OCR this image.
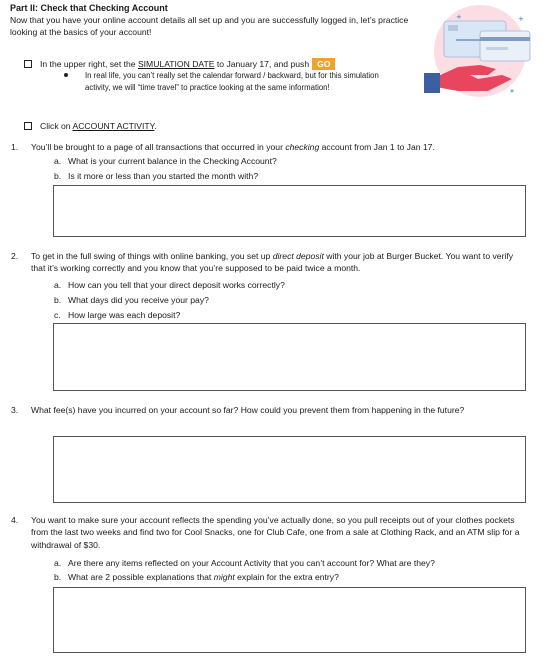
Part II: Check that Checking Account
Now that you have your online account details all set up and you are successfully logged in, let’s practice looking at the basics of your account!
+	+
*
In the upper right, set the SIMULATION DATE to January 17, and push GO
In real life, you can’t really set the calendar forward / backward, but for this simulation activity, we will “time travel” to practice looking at the same information!
Click on ACCOUNT ACTIVITY.
1. You’ll be brought to a page of all transactions that occurred in your checking account from Jan 1 to Jan 17.
a. What is your current balance in the Checking Account?
b. Is it more or less than you started the month with?
2. To get in the full swing of things with online banking, you set up direct deposit with your job at Burger Bucket. You want to verify that it’s working correctly and you know that you’re supposed to be paid twice a month.
a. How can you tell that your direct deposit works correctly?
b. What days did you receive your pay?
c. How large was each deposit?
3. What fee(s) have you incurred on your account so far? How could you prevent them from happening in the future?
4. You want to make sure your account reflects the spending you’ve actually done, so you pull receipts out of your clothes pockets from the last two weeks and find two for Cool Snacks, one for Club Cafe, one from a sale at Clothing Rack, and an ATM slip for a withdrawal of $30.
a. Are there any items reflected on your Account Activity that you can’t account for? What are they?
b. What are 2 possible explanations that might explain for the extra entry?
